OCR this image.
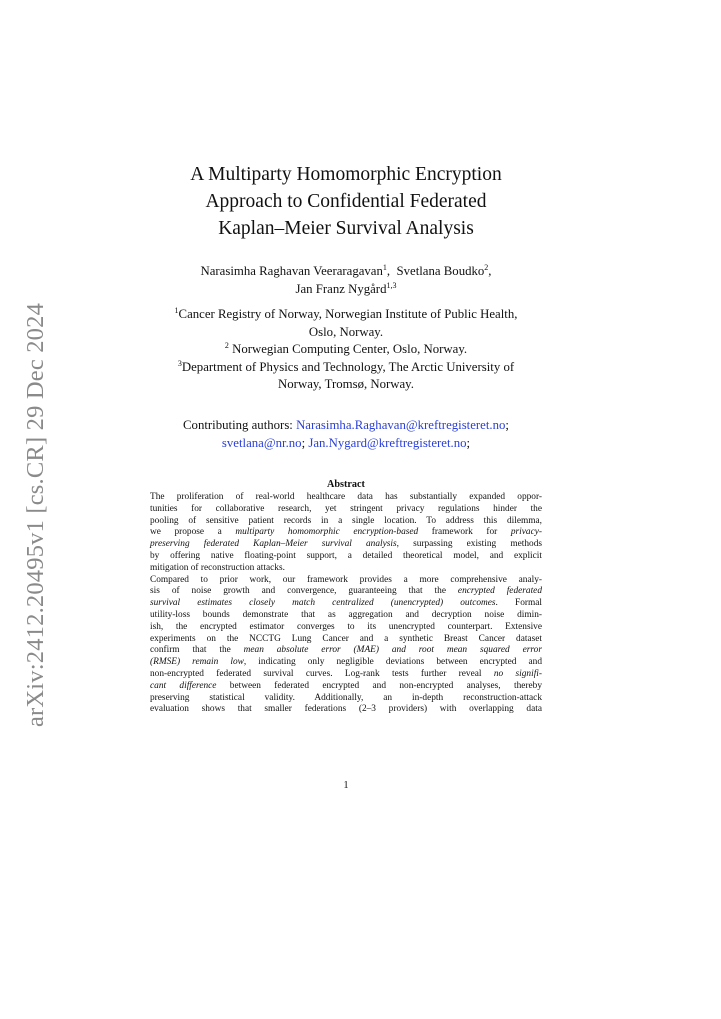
arXiv:2412.20495v1 [cs.CR] 29 Dec 2024
A Multiparty Homomorphic Encryption
Approach to Confidential Federated
Kaplan–Meier Survival Analysis
Narasimha Raghavan Veeraragavan$^1$,  Svetlana Boudko$^2$,
Jan Franz Nygård$^{1,3}$
$^1$Cancer Registry of Norway, Norwegian Institute of Public Health,
Oslo, Norway.
$^2$ Norwegian Computing Center, Oslo, Norway.
$^3$Department of Physics and Technology, The Arctic University of
Norway, Tromsø, Norway.
Contributing authors: Narasimha.Raghavan@kreftregisteret.no;
svetlana@nr.no; Jan.Nygard@kreftregisteret.no;
Abstract
The proliferation of real-world healthcare data has substantially expanded oppor-
tunities for collaborative research, yet stringent privacy regulations hinder the
pooling of sensitive patient records in a single location. To address this dilemma,
we propose a multiparty homomorphic encryption-based framework for privacy-
preserving federated Kaplan–Meier survival analysis, surpassing existing methods
by offering native floating-point support, a detailed theoretical model, and explicit
mitigation of reconstruction attacks.
Compared to prior work, our framework provides a more comprehensive analy-
sis of noise growth and convergence, guaranteeing that the encrypted federated
survival estimates closely match centralized (unencrypted) outcomes. Formal
utility-loss bounds demonstrate that as aggregation and decryption noise dimin-
ish, the encrypted estimator converges to its unencrypted counterpart. Extensive
experiments on the NCCTG Lung Cancer and a synthetic Breast Cancer dataset
confirm that the mean absolute error (MAE) and root mean squared error
(RMSE) remain low, indicating only negligible deviations between encrypted and
non-encrypted federated survival curves. Log-rank tests further reveal no signifi-
cant difference between federated encrypted and non-encrypted analyses, thereby
preserving statistical validity. Additionally, an in-depth reconstruction-attack
evaluation shows that smaller federations (2–3 providers) with overlapping data
1
